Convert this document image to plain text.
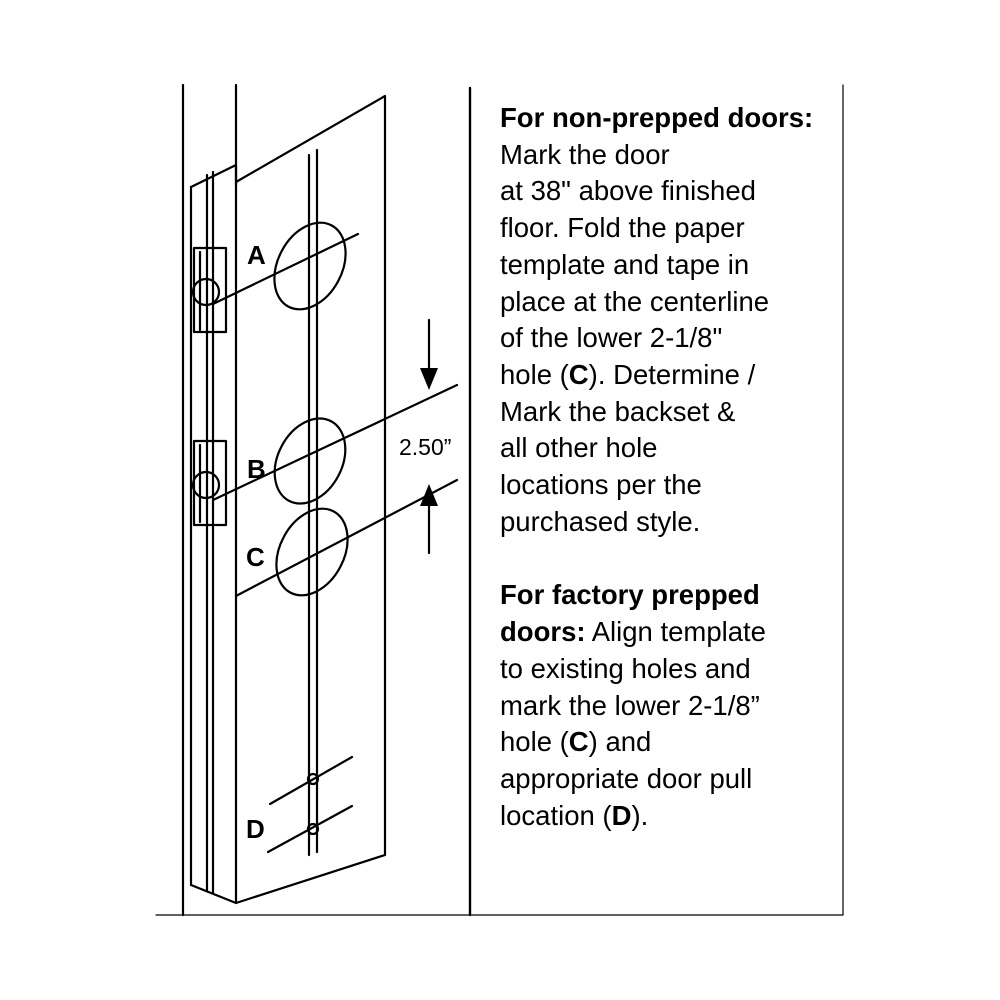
A
B
C
D
2.50”

For non-prepped doors: Mark the door
at 38" above finished
floor. Fold the paper
template and tape in
place at the centerline
of the lower 2-1/8"
hole (C). Determine /
Mark the backset &
all other hole
locations per the
purchased style.

For factory prepped doors: Align template
to existing holes and
mark the lower 2-1/8”
hole (C) and
appropriate door pull
location (D).
